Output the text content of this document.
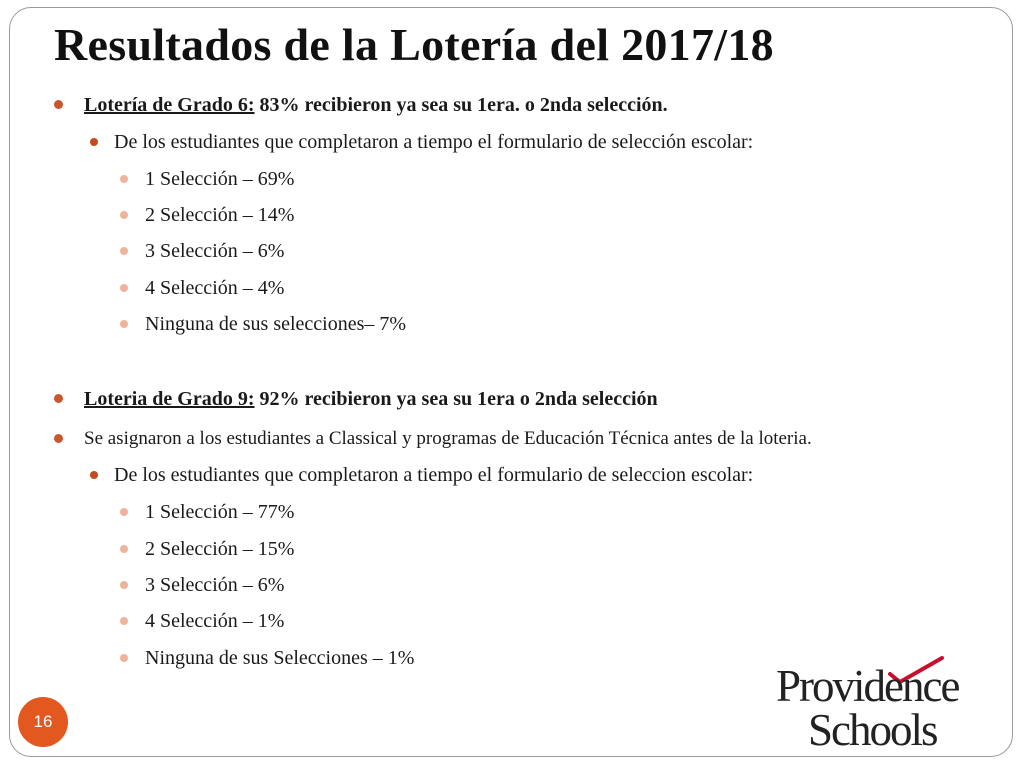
Resultados de la Lotería del 2017/18
Lotería de Grado 6: 83% recibieron ya sea su 1era. o 2nda selección.
De los estudiantes que completaron a tiempo el formulario de selección escolar:
1 Selección – 69%
2 Selección – 14%
3 Selección – 6%
4 Selección – 4%
Ninguna de sus selecciones– 7%
Loteria de Grado 9: 92% recibieron ya sea su 1era o 2nda selección
Se asignaron a los estudiantes a Classical y programas de Educación Técnica antes de la loteria.
De los estudiantes que completaron a tiempo el formulario de seleccion escolar:
1 Selección – 77%
2 Selección – 15%
3 Selección – 6%
4 Selección – 1%
Ninguna de sus Selecciones – 1%
16
Providence
Schools
